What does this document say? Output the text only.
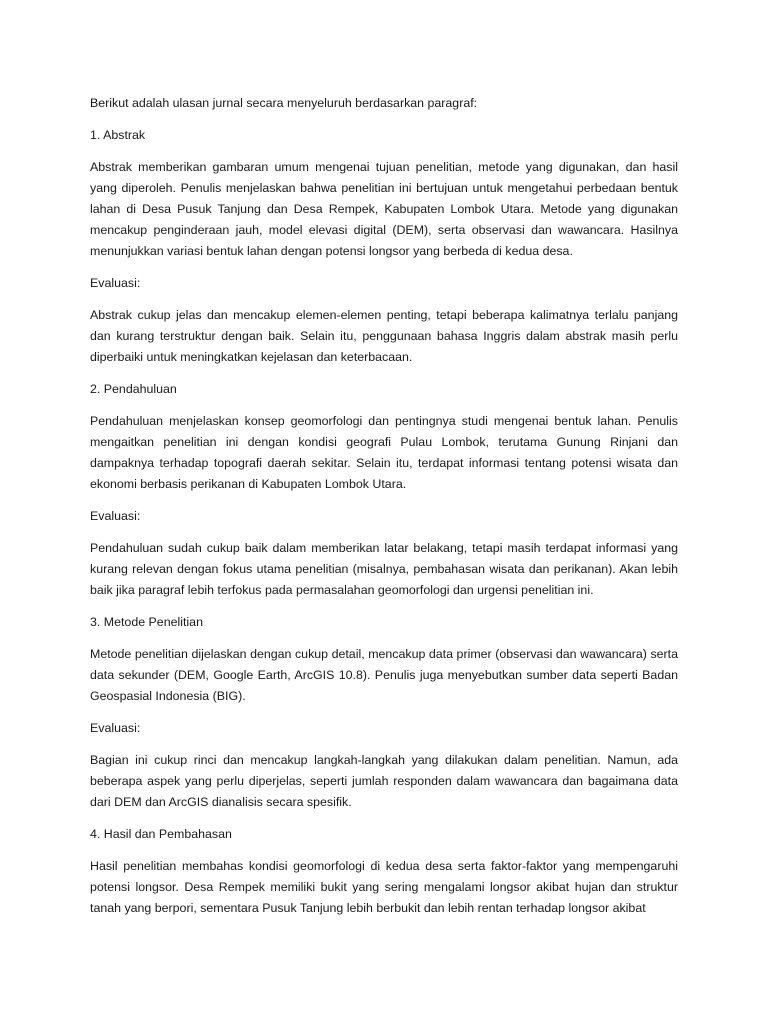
Berikut adalah ulasan jurnal secara menyeluruh berdasarkan paragraf:

1. Abstrak

Abstrak memberikan gambaran umum mengenai tujuan penelitian, metode yang digunakan, dan hasil yang diperoleh. Penulis menjelaskan bahwa penelitian ini bertujuan untuk mengetahui perbedaan bentuk lahan di Desa Pusuk Tanjung dan Desa Rempek, Kabupaten Lombok Utara. Metode yang digunakan mencakup penginderaan jauh, model elevasi digital (DEM), serta observasi dan wawancara. Hasilnya menunjukkan variasi bentuk lahan dengan potensi longsor yang berbeda di kedua desa.

Evaluasi:

Abstrak cukup jelas dan mencakup elemen-elemen penting, tetapi beberapa kalimatnya terlalu panjang dan kurang terstruktur dengan baik. Selain itu, penggunaan bahasa Inggris dalam abstrak masih perlu diperbaiki untuk meningkatkan kejelasan dan keterbacaan.

2. Pendahuluan

Pendahuluan menjelaskan konsep geomorfologi dan pentingnya studi mengenai bentuk lahan. Penulis mengaitkan penelitian ini dengan kondisi geografi Pulau Lombok, terutama Gunung Rinjani dan dampaknya terhadap topografi daerah sekitar. Selain itu, terdapat informasi tentang potensi wisata dan ekonomi berbasis perikanan di Kabupaten Lombok Utara.

Evaluasi:

Pendahuluan sudah cukup baik dalam memberikan latar belakang, tetapi masih terdapat informasi yang kurang relevan dengan fokus utama penelitian (misalnya, pembahasan wisata dan perikanan). Akan lebih baik jika paragraf lebih terfokus pada permasalahan geomorfologi dan urgensi penelitian ini.

3. Metode Penelitian

Metode penelitian dijelaskan dengan cukup detail, mencakup data primer (observasi dan wawancara) serta data sekunder (DEM, Google Earth, ArcGIS 10.8). Penulis juga menyebutkan sumber data seperti Badan Geospasial Indonesia (BIG).

Evaluasi:

Bagian ini cukup rinci dan mencakup langkah-langkah yang dilakukan dalam penelitian. Namun, ada beberapa aspek yang perlu diperjelas, seperti jumlah responden dalam wawancara dan bagaimana data dari DEM dan ArcGIS dianalisis secara spesifik.

4. Hasil dan Pembahasan

Hasil penelitian membahas kondisi geomorfologi di kedua desa serta faktor-faktor yang mempengaruhi potensi longsor. Desa Rempek memiliki bukit yang sering mengalami longsor akibat hujan dan struktur tanah yang berpori, sementara Pusuk Tanjung lebih berbukit dan lebih rentan terhadap longsor akibat
